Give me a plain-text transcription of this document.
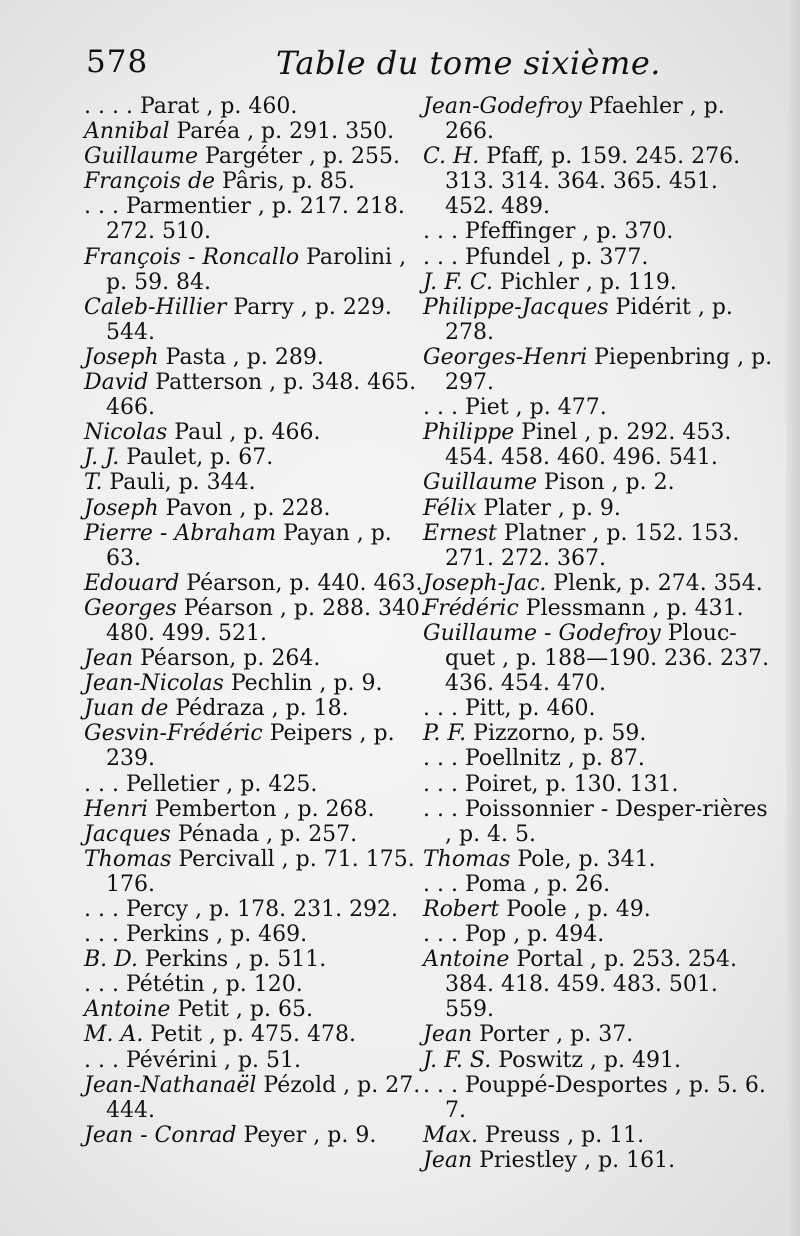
578	Table du tome sixième.
. . . . Parat , p. 460.
Annibal Paréa , p. 291. 350.
Guillaume Pargéter , p. 255.
François de Pâris, p. 85.
. . . Parmentier , p. 217. 218. 272. 510.
François - Roncallo Parolini , p. 59. 84.
Caleb-Hillier Parry , p. 229. 544.
Joseph Pasta , p. 289.
David Patterson , p. 348. 465. 466.
Nicolas Paul , p. 466.
J. J. Paulet, p. 67.
T. Pauli, p. 344.
Joseph Pavon , p. 228.
Pierre - Abraham Payan , p. 63.
Edouard Péarson, p. 440. 463.
Georges Péarson , p. 288. 340. 480. 499. 521.
Jean Péarson, p. 264.
Jean-Nicolas Pechlin , p. 9.
Juan de Pédraza , p. 18.
Gesvin-Frédéric Peipers , p. 239.
. . . Pelletier , p. 425.
Henri Pemberton , p. 268.
Jacques Pénada , p. 257.
Thomas Percivall , p. 71. 175. 176.
. . . Percy , p. 178. 231. 292.
. . . Perkins , p. 469.
B. D. Perkins , p. 511.
. . . Pététin , p. 120.
Antoine Petit , p. 65.
M. A. Petit , p. 475. 478.
. . . Pévérini , p. 51.
Jean-Nathanaël Pézold , p. 27. 444.
Jean - Conrad Peyer , p. 9.
Jean-Godefroy Pfaehler , p. 266.
C. H. Pfaff, p. 159. 245. 276. 313. 314. 364. 365. 451. 452. 489.
. . . Pfeffinger , p. 370.
. . . Pfundel , p. 377.
J. F. C. Pichler , p. 119.
Philippe-Jacques Pidérit , p. 278.
Georges-Henri Piepenbring , p. 297.
. . . Piet , p. 477.
Philippe Pinel , p. 292. 453. 454. 458. 460. 496. 541.
Guillaume Pison , p. 2.
Félix Plater , p. 9.
Ernest Platner , p. 152. 153. 271. 272. 367.
Joseph-Jac. Plenk, p. 274. 354.
Frédéric Plessmann , p. 431.
Guillaume - Godefroy Plouc-quet , p. 188—190. 236. 237. 436. 454. 470.
. . . Pitt, p. 460.
P. F. Pizzorno, p. 59.
. . . Poellnitz , p. 87.
. . . Poiret, p. 130. 131.
. . . Poissonnier - Desper-rières , p. 4. 5.
Thomas Pole, p. 341.
. . . Poma , p. 26.
Robert Poole , p. 49.
. . . Pop , p. 494.
Antoine Portal , p. 253. 254. 384. 418. 459. 483. 501. 559.
Jean Porter , p. 37.
J. F. S. Poswitz , p. 491.
. . . Pouppé-Desportes , p. 5. 6. 7.
Max. Preuss , p. 11.
Jean Priestley , p. 161.
